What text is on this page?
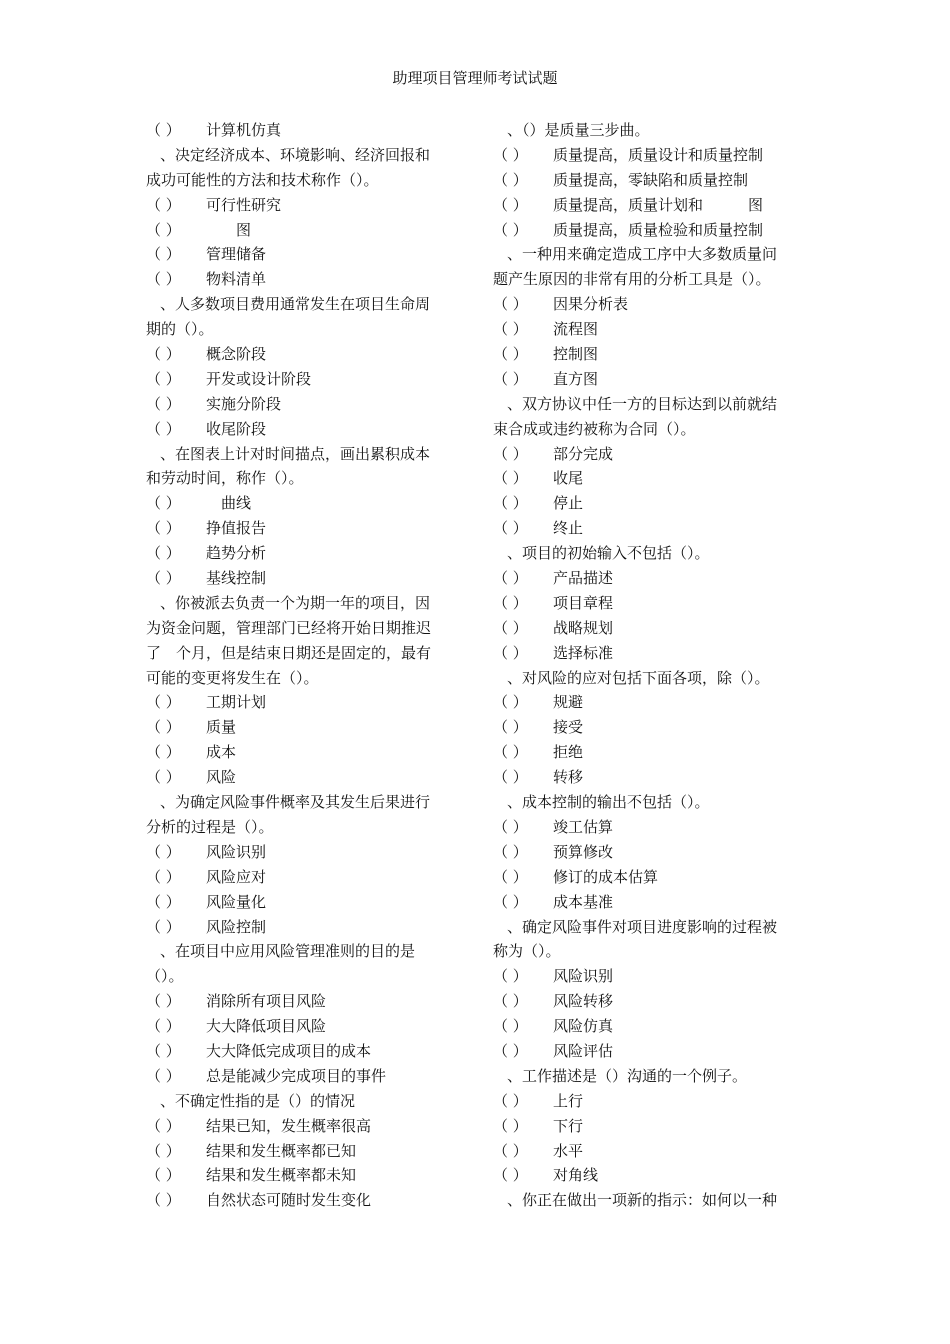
助理项目管理师考试试题
（ ） 计算机仿真
、决定经济成本、环境影响、经济回报和
成功可能性的方法和技术称作（）。
（ ） 可行性研究
（ ）　　图
（ ） 管理储备
（ ） 物料清单
、人多数项目费用通常发生在项目生命周
期的（）。
（ ） 概念阶段
（ ） 开发或设计阶段
（ ） 实施分阶段
（ ） 收尾阶段
、在图表上计对时间描点，画出累积成本
和劳动时间，称作（）。
（ ）　曲线
（ ） 挣值报告
（ ） 趋势分析
（ ） 基线控制
、你被派去负责一个为期一年的项目，因
为资金问题，管理部门已经将开始日期推迟
了　个月，但是结束日期还是固定的，最有
可能的变更将发生在（）。
（ ） 工期计划
（ ） 质量
（ ） 成本
（ ） 风险
、为确定风险事件概率及其发生后果进行
分析的过程是（）。
（ ） 风险识别
（ ） 风险应对
（ ） 风险量化
（ ） 风险控制
、在项目中应用风险管理准则的目的是
（）。
（ ） 消除所有项目风险
（ ） 大大降低项目风险
（ ） 大大降低完成项目的成本
（ ） 总是能减少完成项目的事件
、不确定性指的是（）的情况
（ ） 结果已知，发生概率很高
（ ） 结果和发生概率都已知
（ ） 结果和发生概率都未知
（ ） 自然状态可随时发生变化
、（）是质量三步曲。
（ ） 质量提高，质量设计和质量控制
（ ） 质量提高，零缺陷和质量控制
（ ） 质量提高，质量计划和　　　图
（ ） 质量提高，质量检验和质量控制
、一种用来确定造成工序中大多数质量问
题产生原因的非常有用的分析工具是（）。
（ ） 因果分析表
（ ） 流程图
（ ） 控制图
（ ） 直方图
、双方协议中任一方的目标达到以前就结
束合成或违约被称为合同（）。
（ ） 部分完成
（ ） 收尾
（ ） 停止
（ ） 终止
、项目的初始输入不包括（）。
（ ） 产品描述
（ ） 项目章程
（ ） 战略规划
（ ） 选择标准
、对风险的应对包括下面各项，除（）。
（ ） 规避
（ ） 接受
（ ） 拒绝
（ ） 转移
、成本控制的输出不包括（）。
（ ） 竣工估算
（ ） 预算修改
（ ） 修订的成本估算
（ ） 成本基准
、确定风险事件对项目进度影响的过程被
称为（）。
（ ） 风险识别
（ ） 风险转移
（ ） 风险仿真
（ ） 风险评估
、工作描述是（）沟通的一个例子。
（ ） 上行
（ ） 下行
（ ） 水平
（ ） 对角线
、你正在做出一项新的指示：如何以一种
